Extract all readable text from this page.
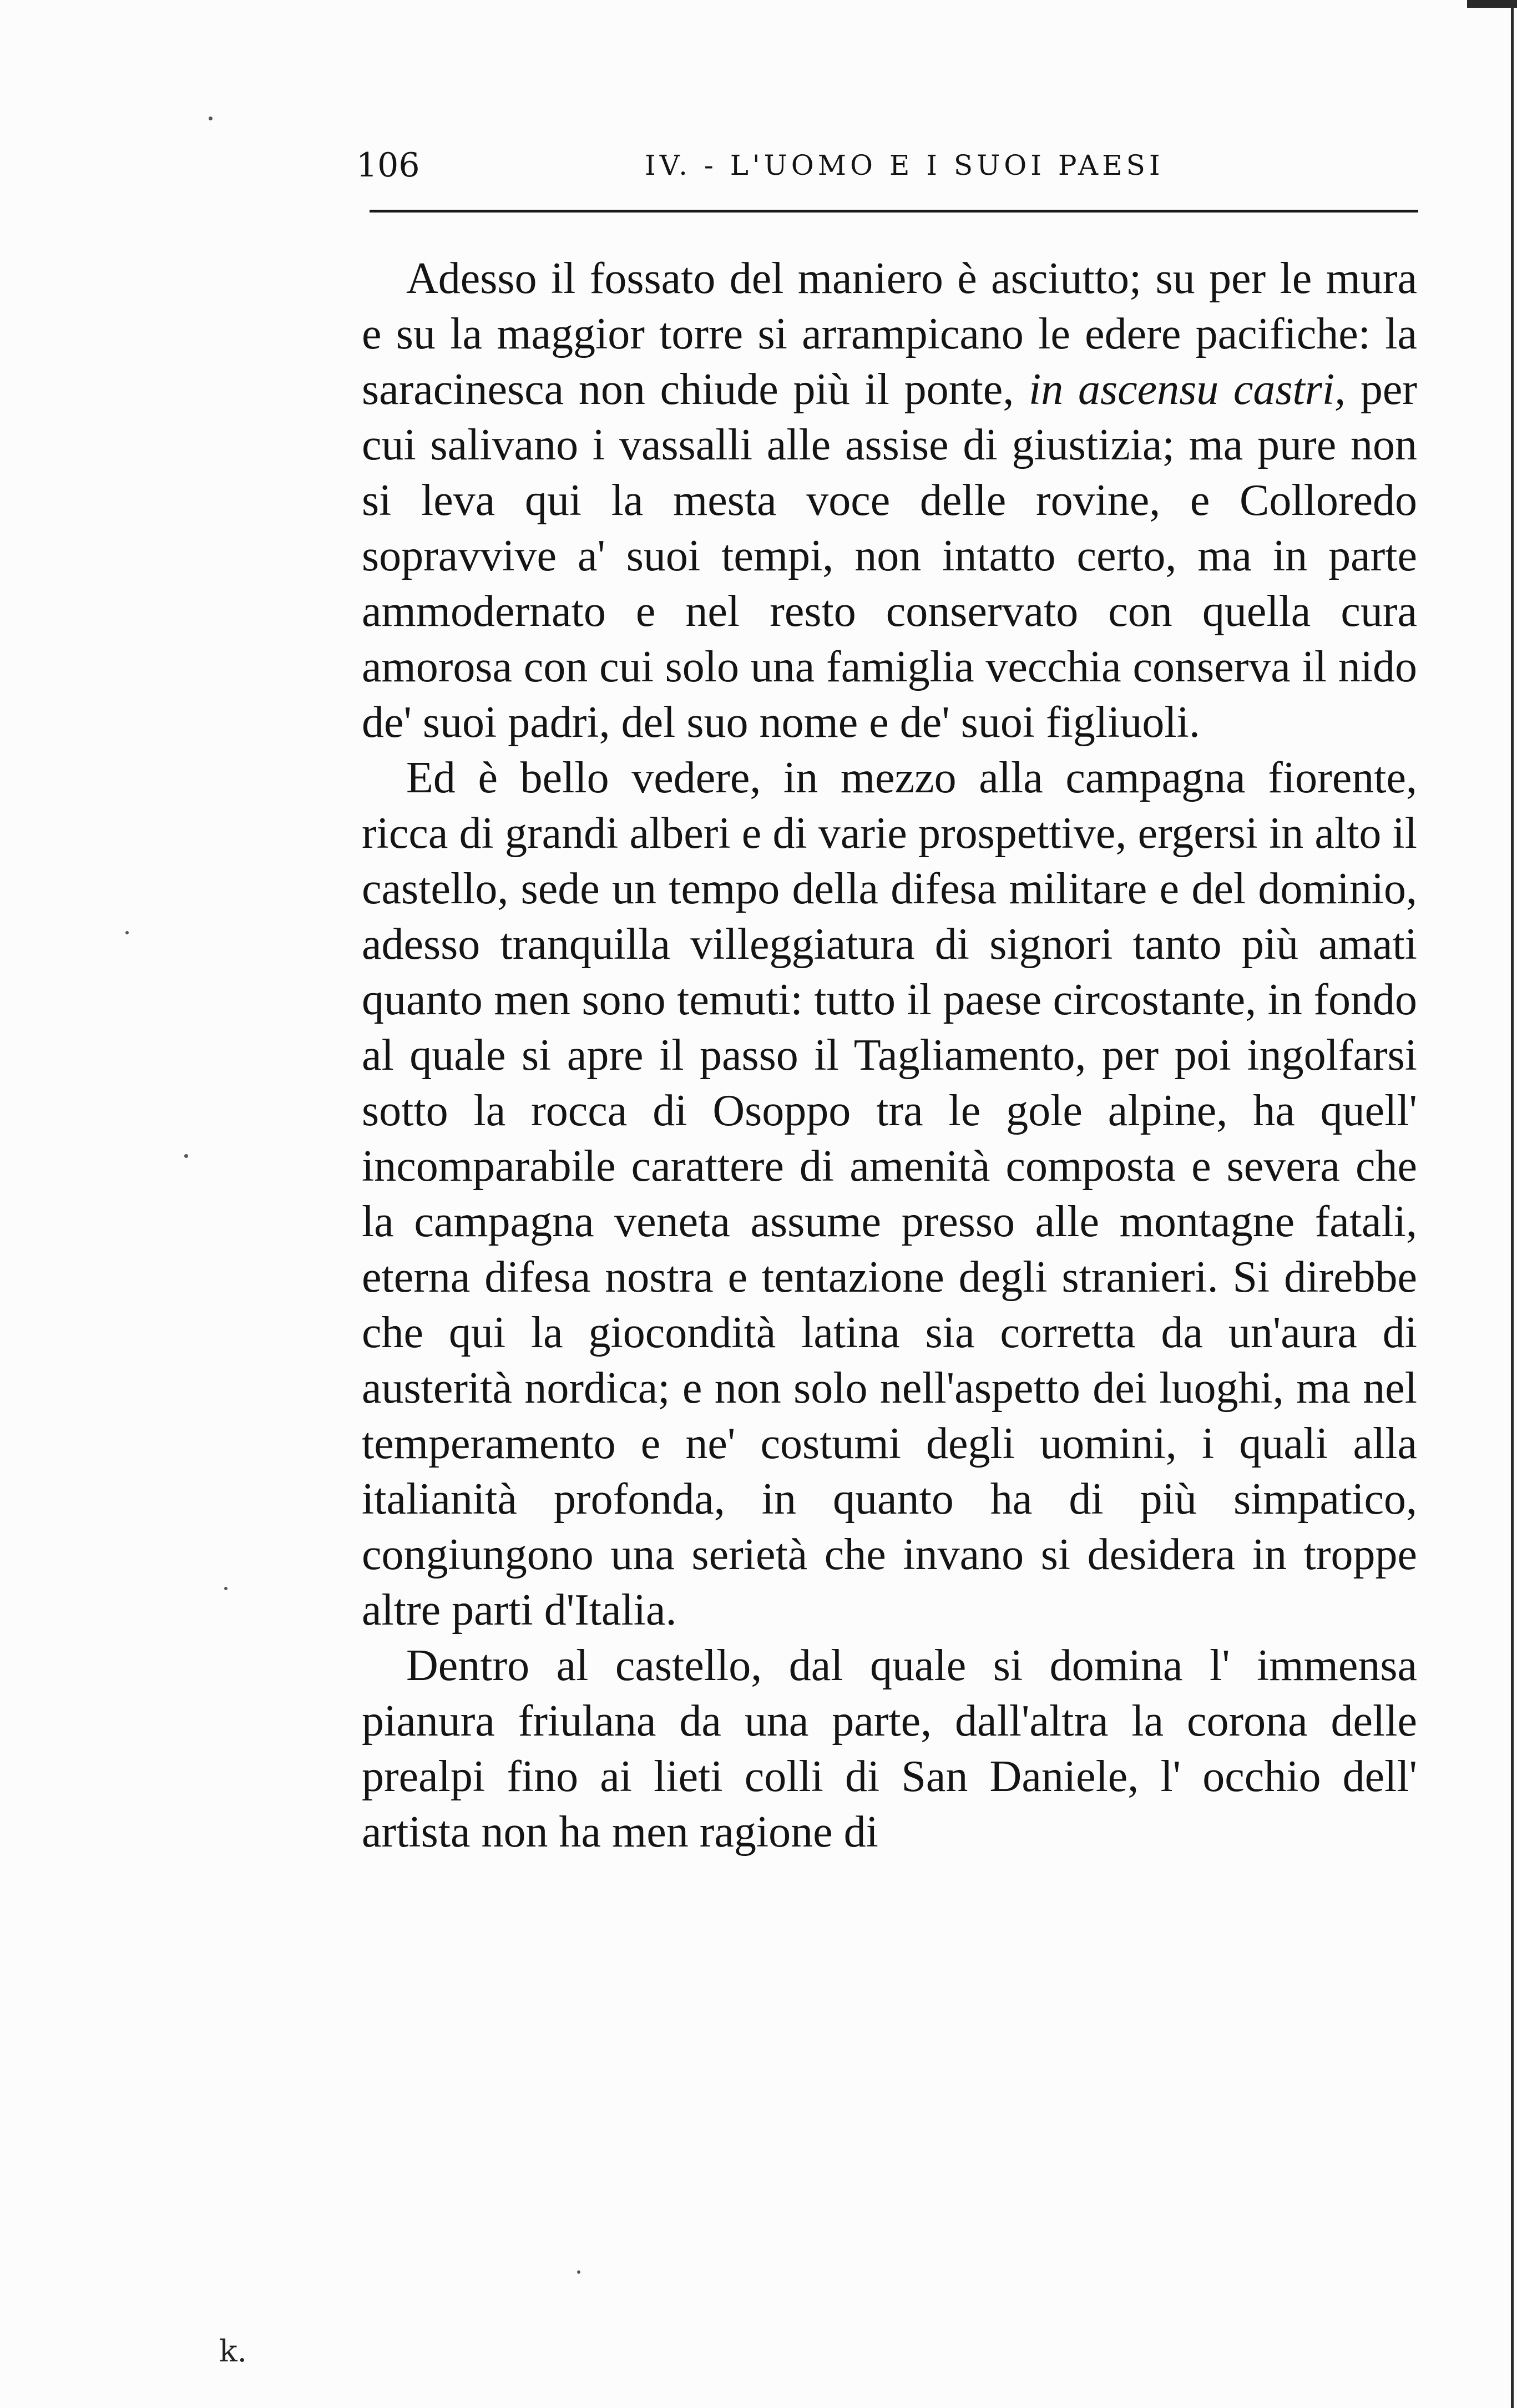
106	IV. - L'UOMO E I SUOI PAESI

Adesso il fossato del maniero è asciutto; su per le mura e su la maggior torre si arrampicano le edere pacifiche: la saracinesca non chiude più il ponte, in ascensu castri, per cui salivano i vassalli alle assise di giustizia; ma pure non si leva qui la mesta voce delle rovine, e Colloredo sopravvive a' suoi tempi, non intatto certo, ma in parte ammodernato e nel resto conservato con quella cura amorosa con cui solo una famiglia vecchia conserva il nido de' suoi padri, del suo nome e de' suoi figliuoli.

Ed è bello vedere, in mezzo alla campagna fiorente, ricca di grandi alberi e di varie prospettive, ergersi in alto il castello, sede un tempo della difesa militare e del dominio, adesso tranquilla villeggiatura di signori tanto più amati quanto men sono temuti: tutto il paese circostante, in fondo al quale si apre il passo il Tagliamento, per poi ingolfarsi sotto la rocca di Osoppo tra le gole alpine, ha quell' incomparabile carattere di amenità composta e severa che la campagna veneta assume presso alle montagne fatali, eterna difesa nostra e tentazione degli stranieri. Si direbbe che qui la giocondità latina sia corretta da un'aura di austerità nordica; e non solo nell'aspetto dei luoghi, ma nel temperamento e ne' costumi degli uomini, i quali alla italianità profonda, in quanto ha di più simpatico, congiungono una serietà che invano si desidera in troppe altre parti d'Italia.

Dentro al castello, dal quale si domina l' immensa pianura friulana da una parte, dall'altra la corona delle prealpi fino ai lieti colli di San Daniele, l' occhio dell' artista non ha men ragione di

k.
